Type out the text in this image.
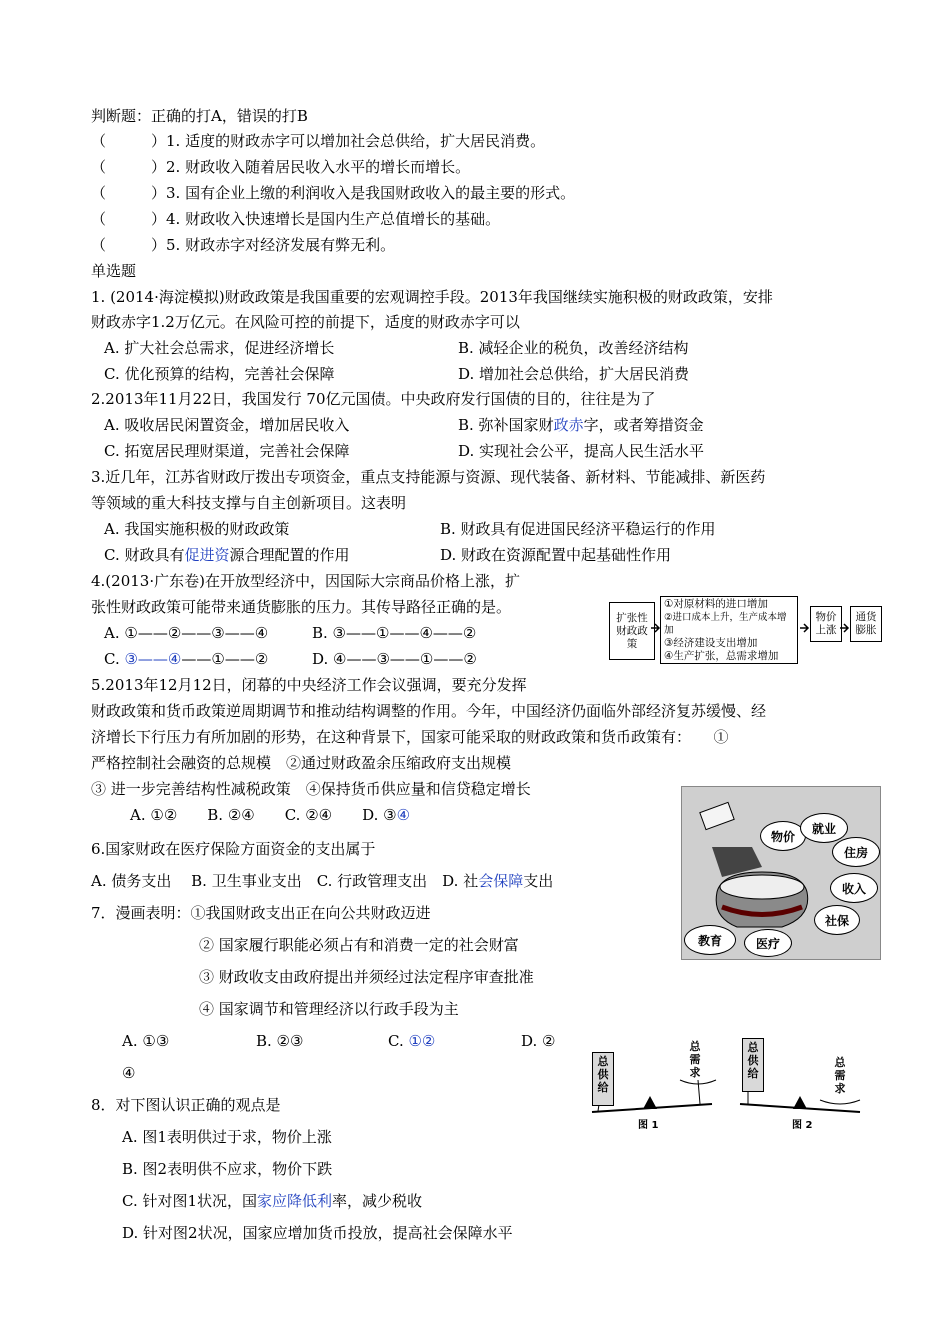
判断题：正确的打A，错误的打B
（　　　）1. 适度的财政赤字可以增加社会总供给，扩大居民消费。
（　　　）2. 财政收入随着居民收入水平的增长而增长。
（　　　）3. 国有企业上缴的利润收入是我国财政收入的最主要的形式。
（　　　）4. 财政收入快速增长是国内生产总值增长的基础。
（　　　）5. 财政赤字对经济发展有弊无利。
单选题
1. (2014·海淀模拟)财政政策是我国重要的宏观调控手段。2013年我国继续实施积极的财政政策，安排
财政赤字1.2万亿元。在风险可控的前提下，适度的财政赤字可以
A. 扩大社会总需求，促进经济增长	B. 减轻企业的税负，改善经济结构
C. 优化预算的结构，完善社会保障	D. 增加社会总供给，扩大居民消费
2.2013年11月22日，我国发行 70亿元国债。中央政府发行国债的目的，往往是为了
A. 吸收居民闲置资金，增加居民收入	B. 弥补国家财政赤字，或者筹措资金
C. 拓宽居民理财渠道，完善社会保障	D. 实现社会公平，提高人民生活水平
3.近几年，江苏省财政厅拨出专项资金，重点支持能源与资源、现代装备、新材料、节能减排、新医药
等领域的重大科技支撑与自主创新项目。这表明
A. 我国实施积极的财政政策	B. 财政具有促进国民经济平稳运行的作用
C. 财政具有促进资源合理配置的作用	D. 财政在资源配置中起基础性作用
4.(2013·广东卷)在开放型经济中，因国际大宗商品价格上涨，扩
张性财政政策可能带来通货膨胀的压力。其传导路径正确的是。
A. ①——②——③——④	B. ③——①——④——②
C. ③——④——①——②	D. ④——③——①——②
扩张性财政政策
①对原材料的进口增加
②进口成本上升，生产成本增加
③经济建设支出增加
④生产扩张，总需求增加
物价上涨
通货膨胀
5.2013年12月12日，闭幕的中央经济工作会议强调，要充分发挥
财政政策和货币政策逆周期调节和推动结构调整的作用。今年，中国经济仍面临外部经济复苏缓慢、经
济增长下行压力有所加剧的形势，在这种背景下，国家可能采取的财政政策和货币政策有：　　①
严格控制社会融资的总规模　②通过财政盈余压缩政府支出规模
③ 进一步完善结构性减税政策　④保持货币供应量和信贷稳定增长
A. ①②　　B. ②④　　C. ②④　　D. ③④
物价
就业
住房
收入
社保
教育	医疗
6.国家财政在医疗保险方面资金的支出属于
A. 债务支出　 B. 卫生事业支出　C. 行政管理支出　D. 社会保障支出
7．漫画表明：①我国财政支出正在向公共财政迈进
② 国家履行职能必须占有和消费一定的社会财富
③ 财政收支由政府提出并须经过法定程序审查批准
④ 国家调节和管理经济以行政手段为主
A. ①③	B. ②③	C. ①②	D. ②
④
总供给
总需求
总供给
总需求
图 1	图 2
8．对下图认识正确的观点是
A. 图1表明供过于求，物价上涨
B. 图2表明供不应求，物价下跌
C. 针对图1状况，国家应降低利率，减少税收
D. 针对图2状况，国家应增加货币投放，提高社会保障水平
